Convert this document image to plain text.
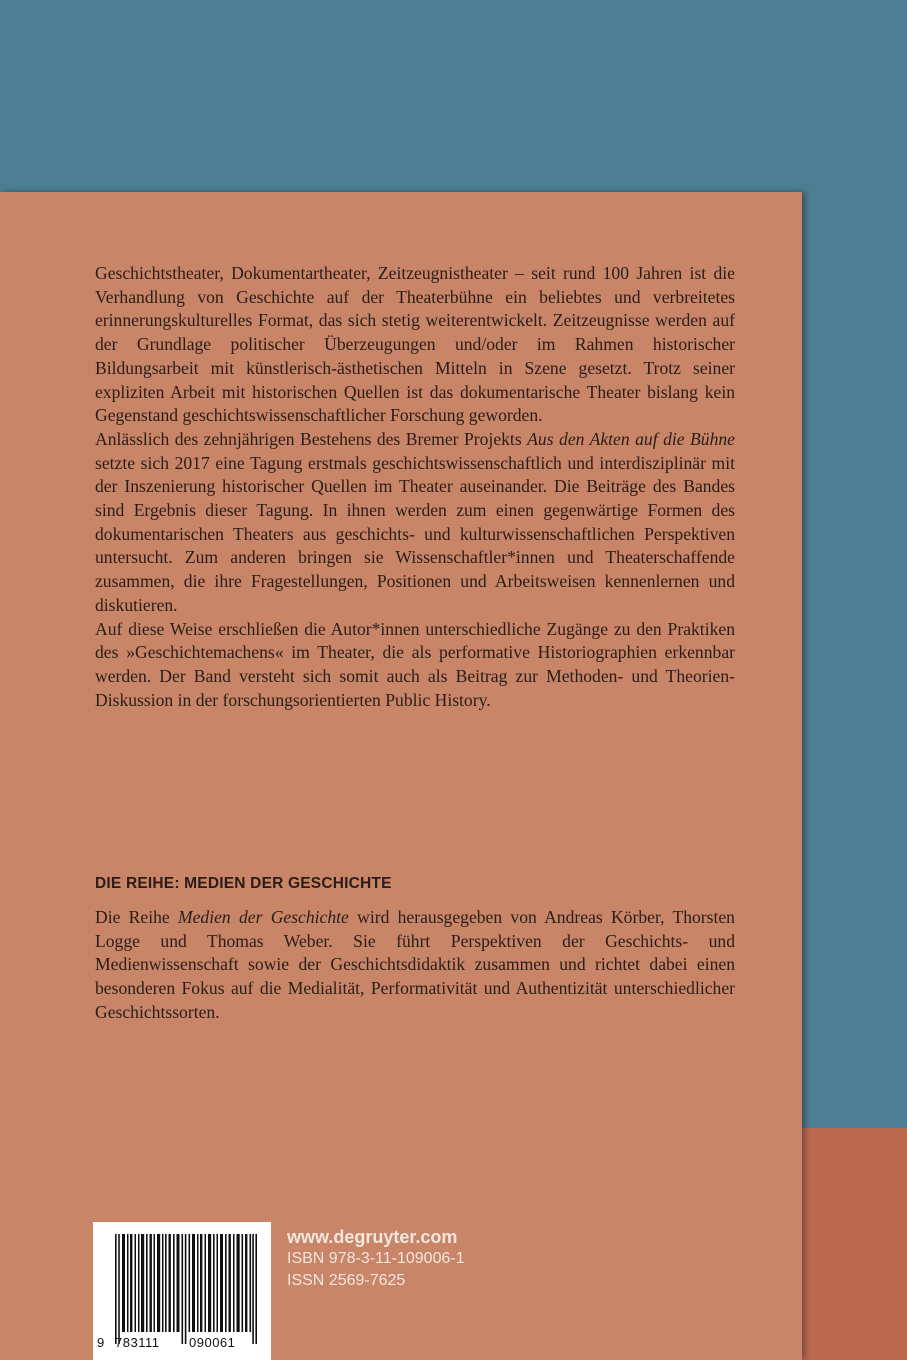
Geschichtstheater, Dokumentartheater, Zeitzeugnistheater – seit rund 100 Jahren ist die Verhandlung von Geschichte auf der Theaterbühne ein beliebtes und verbreitetes erinnerungskulturelles Format, das sich stetig weiterentwickelt. Zeitzeugnisse werden auf der Grundlage politischer Überzeugungen und/oder im Rahmen historischer Bildungsarbeit mit künstlerisch-ästhetischen Mitteln in Szene gesetzt. Trotz seiner expliziten Arbeit mit historischen Quellen ist das dokumentarische Theater bislang kein Gegenstand geschichtswissenschaftlicher Forschung geworden.

Anlässlich des zehnjährigen Bestehens des Bremer Projekts Aus den Akten auf die Bühne setzte sich 2017 eine Tagung erstmals geschichtswissenschaftlich und interdisziplinär mit der Inszenierung historischer Quellen im Theater auseinander. Die Beiträge des Bandes sind Ergebnis dieser Tagung. In ihnen werden zum einen gegenwärtige Formen des dokumentarischen Theaters aus geschichts- und kulturwissenschaftlichen Perspektiven untersucht. Zum anderen bringen sie Wissenschaftler*innen und Theaterschaffende zusammen, die ihre Fragestellungen, Positionen und Arbeitsweisen kennenlernen und diskutieren.

Auf diese Weise erschließen die Autor*innen unterschiedliche Zugänge zu den Praktiken des »Geschichtemachens« im Theater, die als performative Historiographien erkennbar werden. Der Band versteht sich somit auch als Beitrag zur Methoden- und Theorien-Diskussion in der forschungsorientierten Public History.

DIE REIHE: MEDIEN DER GESCHICHTE

Die Reihe Medien der Geschichte wird herausgegeben von Andreas Körber, Thorsten Logge und Thomas Weber. Sie führt Perspektiven der Geschichts- und Medienwissenschaft sowie der Geschichtsdidaktik zusammen und richtet dabei einen besonderen Fokus auf die Medialität, Performativität und Authentizität unterschiedlicher Geschichtssorten.

9 783111	090061
www.degruyter.com
ISBN 978-3-11-109006-1
ISSN 2569-7625
